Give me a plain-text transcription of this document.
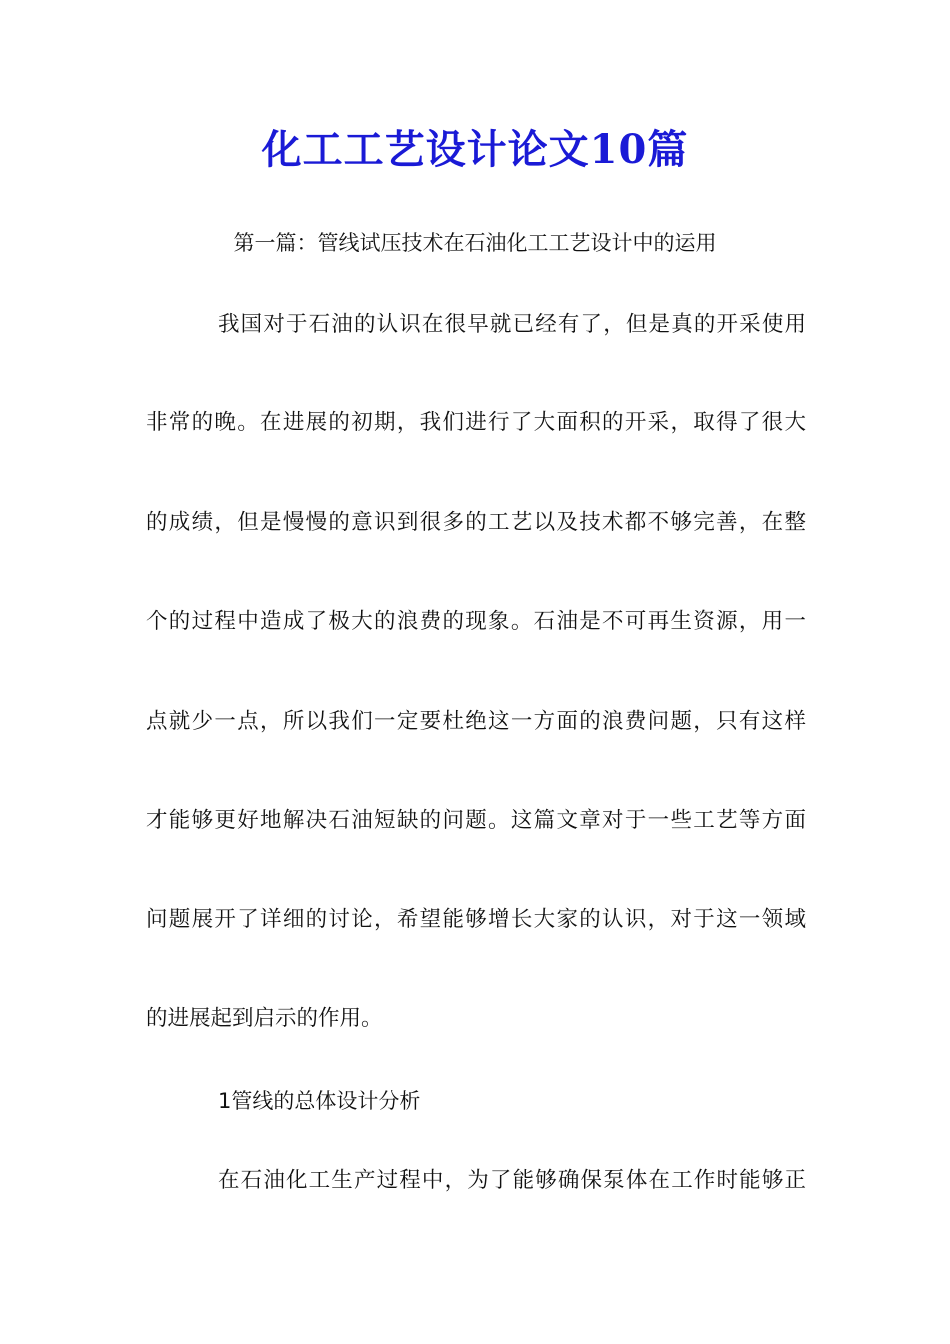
化工工艺设计论文10篇
第一篇：管线试压技术在石油化工工艺设计中的运用
我国对于石油的认识在很早就已经有了，但是真的开采使用
非常的晚。在进展的初期，我们进行了大面积的开采，取得了很大
的成绩，但是慢慢的意识到很多的工艺以及技术都不够完善，在整
个的过程中造成了极大的浪费的现象。石油是不可再生资源，用一
点就少一点，所以我们一定要杜绝这一方面的浪费问题，只有这样
才能够更好地解决石油短缺的问题。这篇文章对于一些工艺等方面
问题展开了详细的讨论，希望能够增长大家的认识，对于这一领域
的进展起到启示的作用。
1管线的总体设计分析
在石油化工生产过程中，为了能够确保泵体在工作时能够正
